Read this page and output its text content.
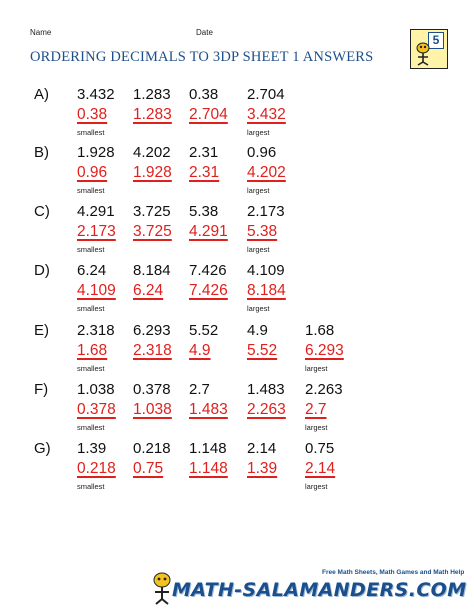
Name	Date
ORDERING DECIMALS TO 3DP SHEET 1 ANSWERS
5
A) 3.432 1.283 0.38 2.704
0.38 1.283 2.704 3.432
smallest	largest
B) 1.928 4.202 2.31 0.96
0.96 1.928 2.31 4.202
smallest	largest
C) 4.291 3.725 5.38 2.173
2.173 3.725 4.291 5.38
smallest	largest
D) 6.24 8.184 7.426 4.109
4.109 6.24 7.426 8.184
smallest	largest
E) 2.318 6.293 5.52 4.9 1.68
1.68 2.318 4.9 5.52 6.293
smallest	largest
F) 1.038 0.378 2.7 1.483 2.263
0.378 1.038 1.483 2.263 2.7
smallest	largest
G) 1.39 0.218 1.148 2.14 0.75
0.218 0.75 1.148 1.39 2.14
smallest	largest
Free Math Sheets, Math Games and Math Help
MATH-SALAMANDERS.COM
